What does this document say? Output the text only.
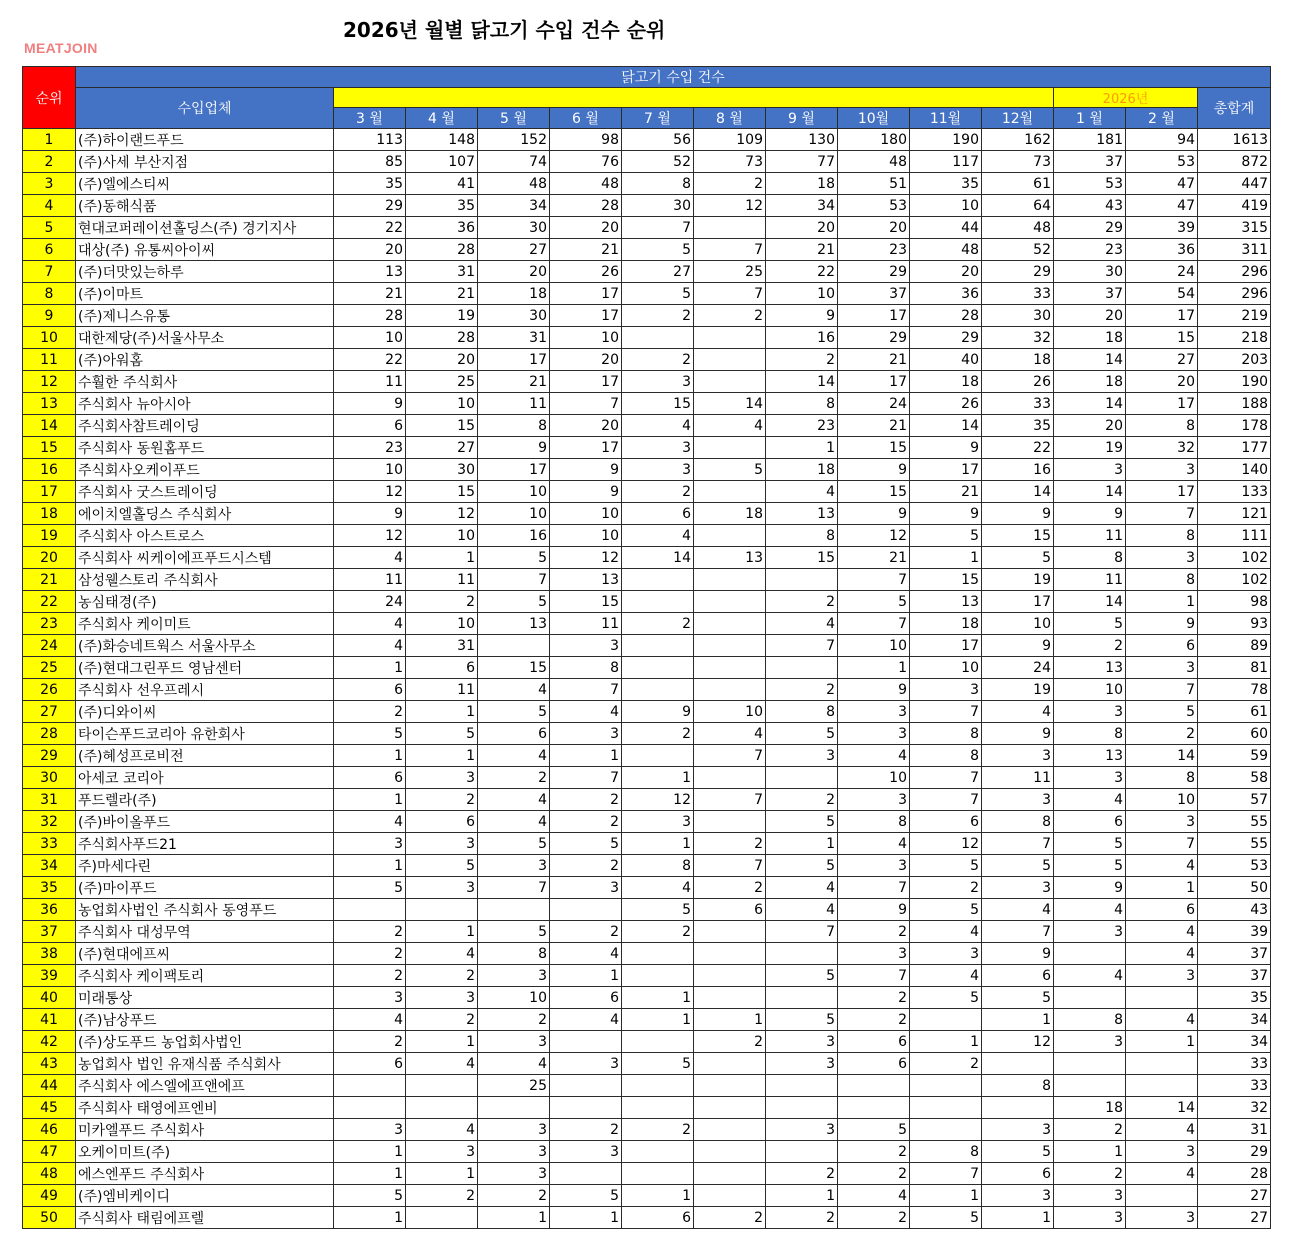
2026년 월별 닭고기 수입 건수 순위
MEATJOIN
순위	닭고기 수입 건수													
	수입업체											2026년		총합계
		3 월	4 월	5 월	6 월	7 월	8 월	9 월	10월	11월	12월	1 월	2 월	
1	(주)하이랜드푸드	113	148	152	98	56	109	130	180	190	162	181	94	1613
2	(주)사세 부산지점	85	107	74	76	52	73	77	48	117	73	37	53	872
3	(주)엘에스티씨	35	41	48	48	8	2	18	51	35	61	53	47	447
4	(주)동해식품	29	35	34	28	30	12	34	53	10	64	43	47	419
5	현대코퍼레이션홀딩스(주) 경기지사	22	36	30	20	7		20	20	44	48	29	39	315
6	대상(주) 유통씨아이씨	20	28	27	21	5	7	21	23	48	52	23	36	311
7	(주)더맛있는하루	13	31	20	26	27	25	22	29	20	29	30	24	296
8	(주)이마트	21	21	18	17	5	7	10	37	36	33	37	54	296
9	(주)제니스유통	28	19	30	17	2	2	9	17	28	30	20	17	219
10	대한제당(주)서울사무소	10	28	31	10			16	29	29	32	18	15	218
11	(주)아워홈	22	20	17	20	2		2	21	40	18	14	27	203
12	수훨한 주식회사	11	25	21	17	3		14	17	18	26	18	20	190
13	주식회사 뉴아시아	9	10	11	7	15	14	8	24	26	33	14	17	188
14	주식회사참트레이딩	6	15	8	20	4	4	23	21	14	35	20	8	178
15	주식회사 동원홈푸드	23	27	9	17	3		1	15	9	22	19	32	177
16	주식회사오케이푸드	10	30	17	9	3	5	18	9	17	16	3	3	140
17	주식회사 굿스트레이딩	12	15	10	9	2		4	15	21	14	14	17	133
18	에이치엘홀딩스 주식회사	9	12	10	10	6	18	13	9	9	9	9	7	121
19	주식회사 아스트로스	12	10	16	10	4		8	12	5	15	11	8	111
20	주식회사 씨케이에프푸드시스템	4	1	5	12	14	13	15	21	1	5	8	3	102
21	삼성웰스토리 주식회사	11	11	7	13				7	15	19	11	8	102
22	농심태경(주)	24	2	5	15			2	5	13	17	14	1	98
23	주식회사 케이미트	4	10	13	11	2		4	7	18	10	5	9	93
24	(주)화승네트웍스 서울사무소	4	31		3			7	10	17	9	2	6	89
25	(주)현대그린푸드 영남센터	1	6	15	8				1	10	24	13	3	81
26	주식회사 선우프레시	6	11	4	7			2	9	3	19	10	7	78
27	(주)디와이씨	2	1	5	4	9	10	8	3	7	4	3	5	61
28	타이슨푸드코리아 유한회사	5	5	6	3	2	4	5	3	8	9	8	2	60
29	(주)혜성프로비전	1	1	4	1		7	3	4	8	3	13	14	59
30	아세코 코리아	6	3	2	7	1			10	7	11	3	8	58
31	푸드렐라(주)	1	2	4	2	12	7	2	3	7	3	4	10	57
32	(주)바이올푸드	4	6	4	2	3		5	8	6	8	6	3	55
33	주식회사푸드21	3	3	5	5	1	2	1	4	12	7	5	7	55
34	주)마세다린	1	5	3	2	8	7	5	3	5	5	5	4	53
35	(주)마이푸드	5	3	7	3	4	2	4	7	2	3	9	1	50
36	농업회사법인 주식회사 동영푸드					5	6	4	9	5	4	4	6	43
37	주식회사 대성무역	2	1	5	2	2		7	2	4	7	3	4	39
38	(주)현대에프씨	2	4	8	4				3	3	9		4	37
39	주식회사 케이팩토리	2	2	3	1			5	7	4	6	4	3	37
40	미래통상	3	3	10	6	1			2	5	5			35
41	(주)남상푸드	4	2	2	4	1	1	5	2		1	8	4	34
42	(주)상도푸드 농업회사법인	2	1	3			2	3	6	1	12	3	1	34
43	농업회사 법인 유재식품 주식회사	6	4	4	3	5		3	6	2				33
44	주식회사 에스엘에프앤에프			25							8			33
45	주식회사 태영에프엔비											18	14	32
46	미카엘푸드 주식회사	3	4	3	2	2		3	5		3	2	4	31
47	오케이미트(주)	1	3	3	3				2	8	5	1	3	29
48	에스엔푸드 주식회사	1	1	3				2	2	7	6	2	4	28
49	(주)엠비케이디	5	2	2	5	1		1	4	1	3	3		27
50	주식회사 태림에프렐	1		1	1	6	2	2	2	5	1	3	3	27
